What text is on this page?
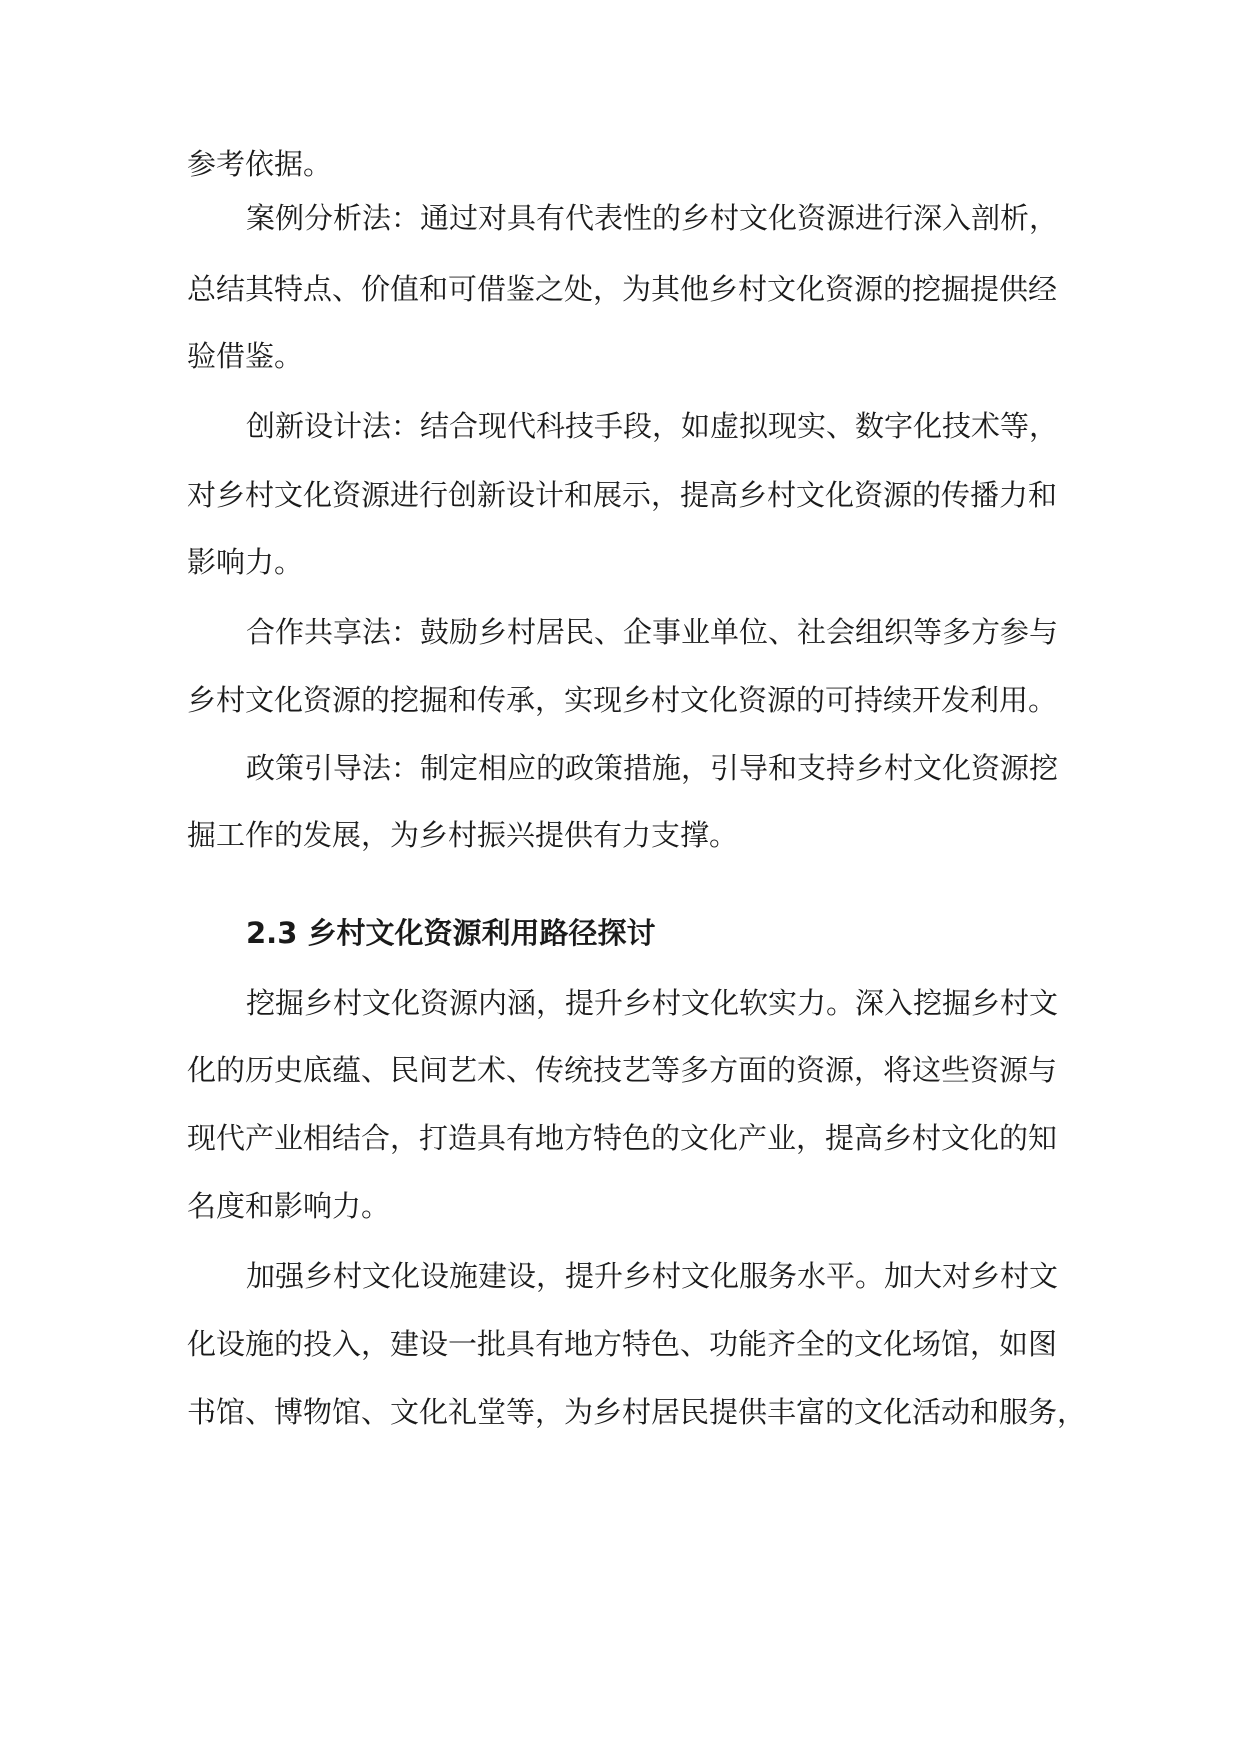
参考依据。
案例分析法：通过对具有代表性的乡村文化资源进行深入剖析，
总结其特点、价值和可借鉴之处，为其他乡村文化资源的挖掘提供经
验借鉴。
创新设计法：结合现代科技手段，如虚拟现实、数字化技术等，
对乡村文化资源进行创新设计和展示，提高乡村文化资源的传播力和
影响力。
合作共享法：鼓励乡村居民、企事业单位、社会组织等多方参与
乡村文化资源的挖掘和传承，实现乡村文化资源的可持续开发利用。
政策引导法：制定相应的政策措施，引导和支持乡村文化资源挖
掘工作的发展，为乡村振兴提供有力支撑。
2.3 乡村文化资源利用路径探讨
挖掘乡村文化资源内涵，提升乡村文化软实力。深入挖掘乡村文
化的历史底蕴、民间艺术、传统技艺等多方面的资源，将这些资源与
现代产业相结合，打造具有地方特色的文化产业，提高乡村文化的知
名度和影响力。
加强乡村文化设施建设，提升乡村文化服务水平。加大对乡村文
化设施的投入，建设一批具有地方特色、功能齐全的文化场馆，如图
书馆、博物馆、文化礼堂等，为乡村居民提供丰富的文化活动和服务，
